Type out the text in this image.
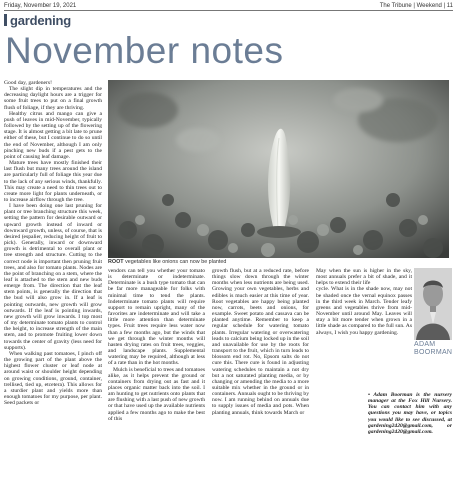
Friday, November 19, 2021	The Tribune | Weekend | 11
gardening
November notes

Good day, gardeners!

The slight dip in temperatures and the decreasing daylight hours are a trigger for some fruit trees to put on a final growth flush of foliage, if they are thriving.

Healthy citrus and mango can give a push of leaves in mid-November, typically followed by the setting up of the flowering stage. It is almost getting a bit late to prune either of these, but I continue to do so until the end of November, although I am only pinching new buds if a pest gets to the point of causing leaf damage.

Mature trees have mostly finished their last flush but many trees around the island are particularly full of foliage this year due to the lack of any serious winds, thankfully. This may create a need to thin trees out to create more light for plants underneath, or to increase airflow through the tree.

I have been doing one last pruning for plant or tree branching structure this week, setting the pattern for desirable outward or upward growth instead of inward or downward growth, unless, of course, that is desired (espalier, reducing height of fruit to pick). Generally, inward or downward growth is detrimental to overall plant or tree strength and structure. Cutting to the correct node is important then pruning fruit trees, and also for tomato plants. Nodes are the point of branching on a stem, where the leaf is attached to the stem and new buds emerge from. The direction that the leaf stem points, is generally the direction that the bud will also grow in. If a leaf is pointing outwards, new growth will grow outwards. If the leaf is pointing inwards, new growth will grow inwards. I top most of my determinate tomato plants to control the height, to increase strength of the main stem, and to promote fruiting lower down towards the center of gravity (less need for supports).

When walking past tomatoes, I pinch off the growing part of the plant above the highest flower cluster or leaf node at around waist or shoulder height depending on growing conditions, ground, container, trellised, tied up, etcetera). This allows for a sturdier plant and yields more than enough tomatoes for my purpose, per plant. Seed packets or

ROOT vegetables like onions can now be planted

vendors can tell you whether your tomato is determinate or indeterminate. Determinate is a bush type tomato that can be far more manageable for folks with minimal time to tend the plants. Indeterminate tomato plants will require support to remain upright, many of the favorites are indeterminate and will take a little more attention than determinate types. Fruit trees require less water now than a few months ago, but the winds that we get through the winter months will hasten drying rates on fruit trees, veggies, and landscape plants. Supplemental watering may be required, although at less of a rate than in the hot months.

Mulch is beneficial to trees and tomatoes alike, as it helps prevent the ground or containers from drying out as fast and it places organic matter back into the soil. I am hunting to get nutrients onto plants that are flushing with a last push of new growth or that have used up the available nutrients applied a few months ago to make the best of this

growth flush, but at a reduced rate, before things slow down through the winter months when less nutrients are being used. Growing your own vegetables, herbs and edibles is much easier at this time of year. Root vegetables are happy being planted now, carrots, beets and onions, for example. Sweet potato and cassava can be planted anytime. Remember to keep a regular schedule for watering tomato plants. Irregular watering or overwatering leads to calcium being locked up in the soil and unavailable for use by the roots for transport to the fruit, which in turn leads to blossom end rot. No, Epsom salts do not cure this. There cure is found in adjusting watering schedules to maintain a not dry but a not saturated planting media, or by changing or amending the media to a more suitable mix whether in the ground or in containers. Annuals ought to be thriving by now. I am running behind on annuals due to supply issues of media and pots. When planting annuals, think towards March or

May when the sun is higher in the sky, most annuals prefer a bit of shade, and it helps to extend their life

cycle. What is in the shade now, may not be shaded once the vernal equinox passes in the third week in March. Tender leafy greens and vegetables thrive from mid-November until around May. Leaves will stay a bit more tender when grown in a little shade as compared to the full sun. As always, I wish you happy gardening.

ADAM
BOORMAN

• Adam Boorman is the nursery manager at the Fox Hill Nursery. You can contact him with any questions you may have, or topics you would like to see discussed, at gardening2420@gmail.com, or gardening2420@gmail.com.
